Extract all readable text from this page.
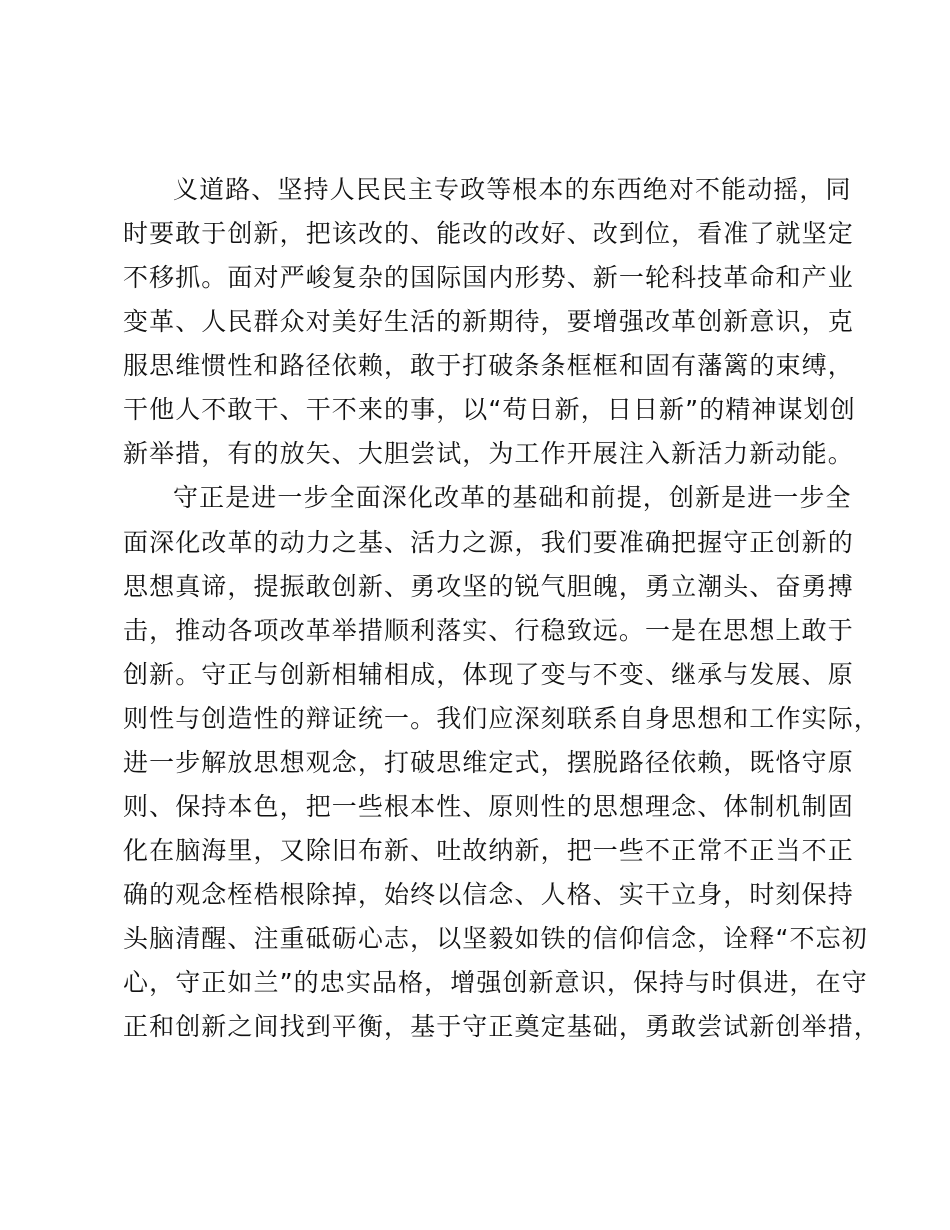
义道路、坚持人民民主专政等根本的东西绝对不能动摇，同
时要敢于创新，把该改的、能改的改好、改到位，看准了就坚定
不移抓。面对严峻复杂的国际国内形势、新一轮科技革命和产业
变革、人民群众对美好生活的新期待，要增强改革创新意识，克
服思维惯性和路径依赖，敢于打破条条框框和固有藩篱的束缚，
干他人不敢干、干不来的事，以“苟日新，日日新”的精神谋划创
新举措，有的放矢、大胆尝试，为工作开展注入新活力新动能。
守正是进一步全面深化改革的基础和前提，创新是进一步全
面深化改革的动力之基、活力之源，我们要准确把握守正创新的
思想真谛，提振敢创新、勇攻坚的锐气胆魄，勇立潮头、奋勇搏
击，推动各项改革举措顺利落实、行稳致远。一是在思想上敢于
创新。守正与创新相辅相成，体现了变与不变、继承与发展、原
则性与创造性的辩证统一。我们应深刻联系自身思想和工作实际，
进一步解放思想观念，打破思维定式，摆脱路径依赖，既恪守原
则、保持本色，把一些根本性、原则性的思想理念、体制机制固
化在脑海里，又除旧布新、吐故纳新，把一些不正常不正当不正
确的观念桎梏根除掉，始终以信念、人格、实干立身，时刻保持
头脑清醒、注重砥砺心志，以坚毅如铁的信仰信念，诠释“不忘初
心，守正如兰”的忠实品格，增强创新意识，保持与时俱进，在守
正和创新之间找到平衡，基于守正奠定基础，勇敢尝试新创举措，
